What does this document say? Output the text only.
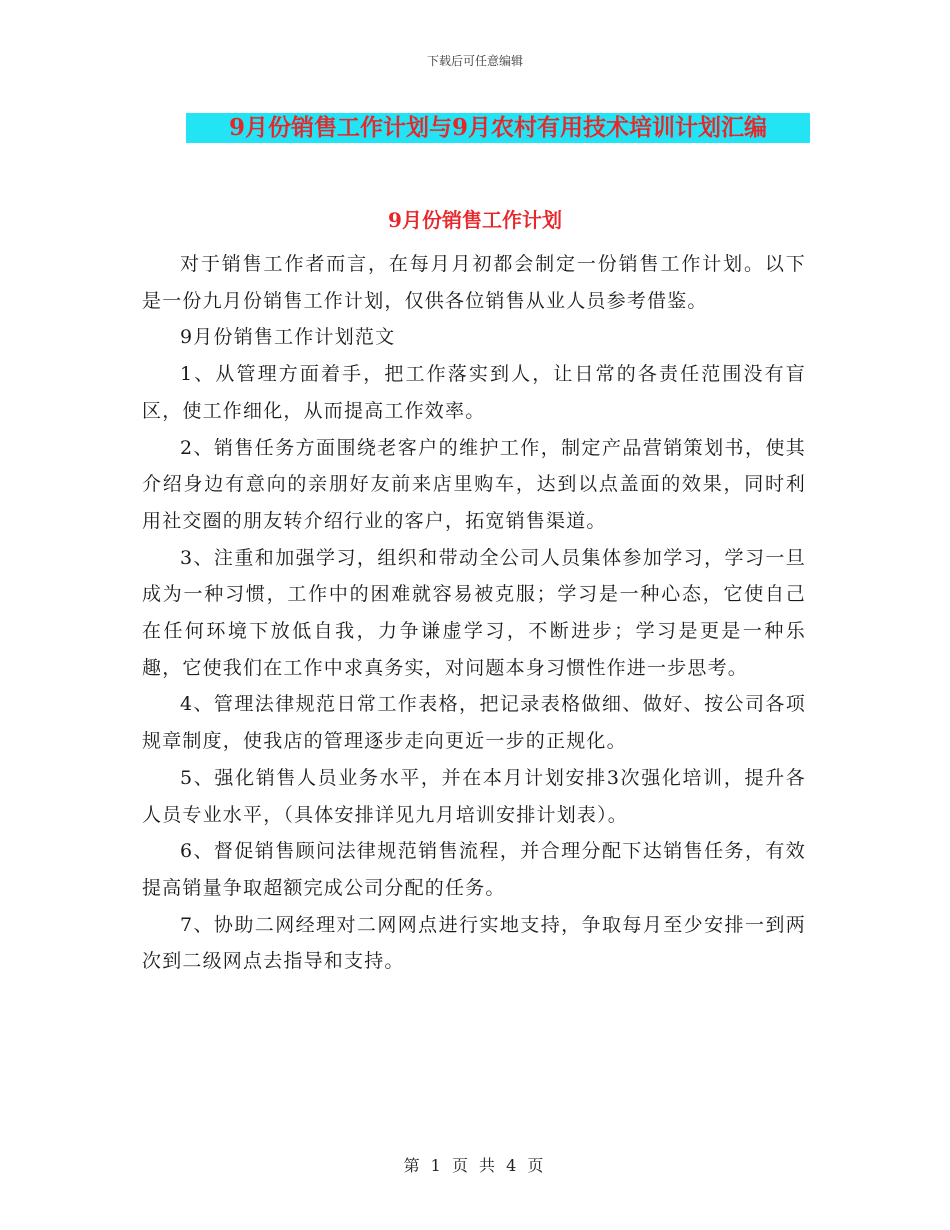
下载后可任意编辑
9月份销售工作计划与9月农村有用技术培训计划汇编
9月份销售工作计划

对于销售工作者而言，在每月月初都会制定一份销售工作计划。以下是一份九月份销售工作计划，仅供各位销售从业人员参考借鉴。

9月份销售工作计划范文

1、从管理方面着手，把工作落实到人，让日常的各责任范围没有盲区，使工作细化，从而提高工作效率。

2、销售任务方面围绕老客户的维护工作，制定产品营销策划书，使其介绍身边有意向的亲朋好友前来店里购车，达到以点盖面的效果，同时利用社交圈的朋友转介绍行业的客户，拓宽销售渠道。

3、注重和加强学习，组织和带动全公司人员集体参加学习，学习一旦成为一种习惯，工作中的困难就容易被克服；学习是一种心态，它使自己在任何环境下放低自我，力争谦虚学习，不断进步；学习是更是一种乐趣，它使我们在工作中求真务实，对问题本身习惯性作进一步思考。

4、管理法律规范日常工作表格，把记录表格做细、做好、按公司各项规章制度，使我店的管理逐步走向更近一步的正规化。

5、强化销售人员业务水平，并在本月计划安排3次强化培训，提升各人员专业水平，（具体安排详见九月培训安排计划表）。

6、督促销售顾问法律规范销售流程，并合理分配下达销售任务，有效提高销量争取超额完成公司分配的任务。

7、协助二网经理对二网网点进行实地支持，争取每月至少安排一到两次到二级网点去指导和支持。

第 1 页 共 4 页
